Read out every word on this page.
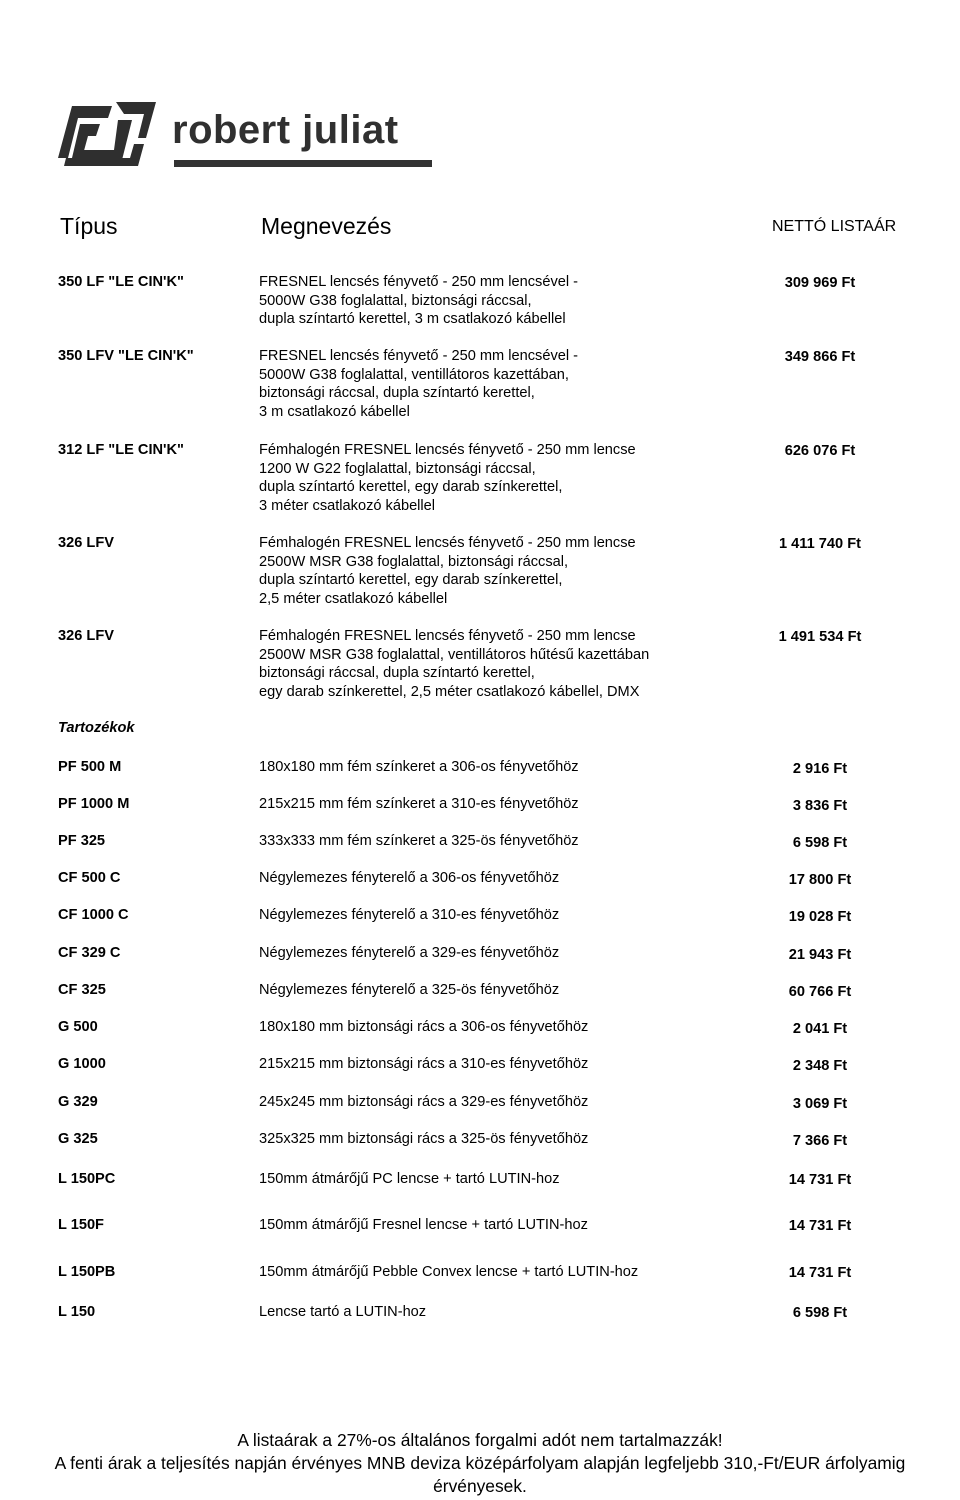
LISYS Fényrendszer Zrt. fénytechnikai termékeinek árlistája
2013. március
robert juliat
Típus	Megnevezés	NETTÓ LISTAÁR
350 LF "LE CIN'K"	FRESNEL lencsés fényvető - 250 mm lencsével -
5000W G38 foglalattal, biztonsági ráccsal,
dupla színtartó kerettel, 3 m csatlakozó kábellel
309 969 Ft
350 LFV "LE CIN'K"	FRESNEL lencsés fényvető - 250 mm lencsével -
5000W G38 foglalattal, ventillátoros kazettában,
biztonsági ráccsal, dupla színtartó kerettel,
3 m csatlakozó kábellel
349 866 Ft
312 LF "LE CIN'K"	Fémhalogén FRESNEL lencsés fényvető - 250 mm lencse
1200 W G22 foglalattal, biztonsági ráccsal,
dupla színtartó kerettel, egy darab színkerettel,
3 méter csatlakozó kábellel
626 076 Ft
326 LFV	Fémhalogén FRESNEL lencsés fényvető - 250 mm lencse
2500W MSR G38 foglalattal, biztonsági ráccsal,
dupla színtartó kerettel, egy darab színkerettel,
2,5 méter csatlakozó kábellel
1 411 740 Ft
326 LFV	Fémhalogén FRESNEL lencsés fényvető - 250 mm lencse
2500W MSR G38 foglalattal, ventillátoros hűtésű kazettában
biztonsági ráccsal, dupla színtartó kerettel,
egy darab színkerettel, 2,5 méter csatlakozó kábellel, DMX
1 491 534 Ft
Tartozékok
PF 500 M	180x180 mm fém színkeret a 306-os fényvetőhöz	2 916 Ft
PF 1000 M	215x215 mm fém színkeret a 310-es fényvetőhöz	3 836 Ft
PF 325	333x333 mm fém színkeret a 325-ös fényvetőhöz	6 598 Ft
CF 500 C	Négylemezes fényterelő a 306-os fényvetőhöz	17 800 Ft
CF 1000 C	Négylemezes fényterelő a 310-es fényvetőhöz	19 028 Ft
CF 329 C	Négylemezes fényterelő a 329-es fényvetőhöz	21 943 Ft
CF 325	Négylemezes fényterelő a 325-ös fényvetőhöz	60 766 Ft
G 500	180x180 mm biztonsági rács a 306-os fényvetőhöz	2 041 Ft
G 1000	215x215 mm biztonsági rács a 310-es fényvetőhöz	2 348 Ft
G 329	245x245 mm biztonsági rács a 329-es fényvetőhöz	3 069 Ft
G 325	325x325 mm biztonsági rács a 325-ös fényvetőhöz	7 366 Ft
L 150PC	150mm átmárőjű PC lencse + tartó LUTIN-hoz	14 731 Ft
L 150F	150mm átmárőjű Fresnel lencse + tartó LUTIN-hoz	14 731 Ft
L 150PB	150mm átmárőjű Pebble Convex lencse + tartó LUTIN-hoz	14 731 Ft
L 150	Lencse tartó a LUTIN-hoz	6 598 Ft
A listaárak a 27%-os általános forgalmi adót nem tartalmazzák!
A fenti árak a teljesítés napján érvényes MNB deviza középárfolyam alapján legfeljebb 310,-Ft/EUR árfolyamig
érvényesek.
